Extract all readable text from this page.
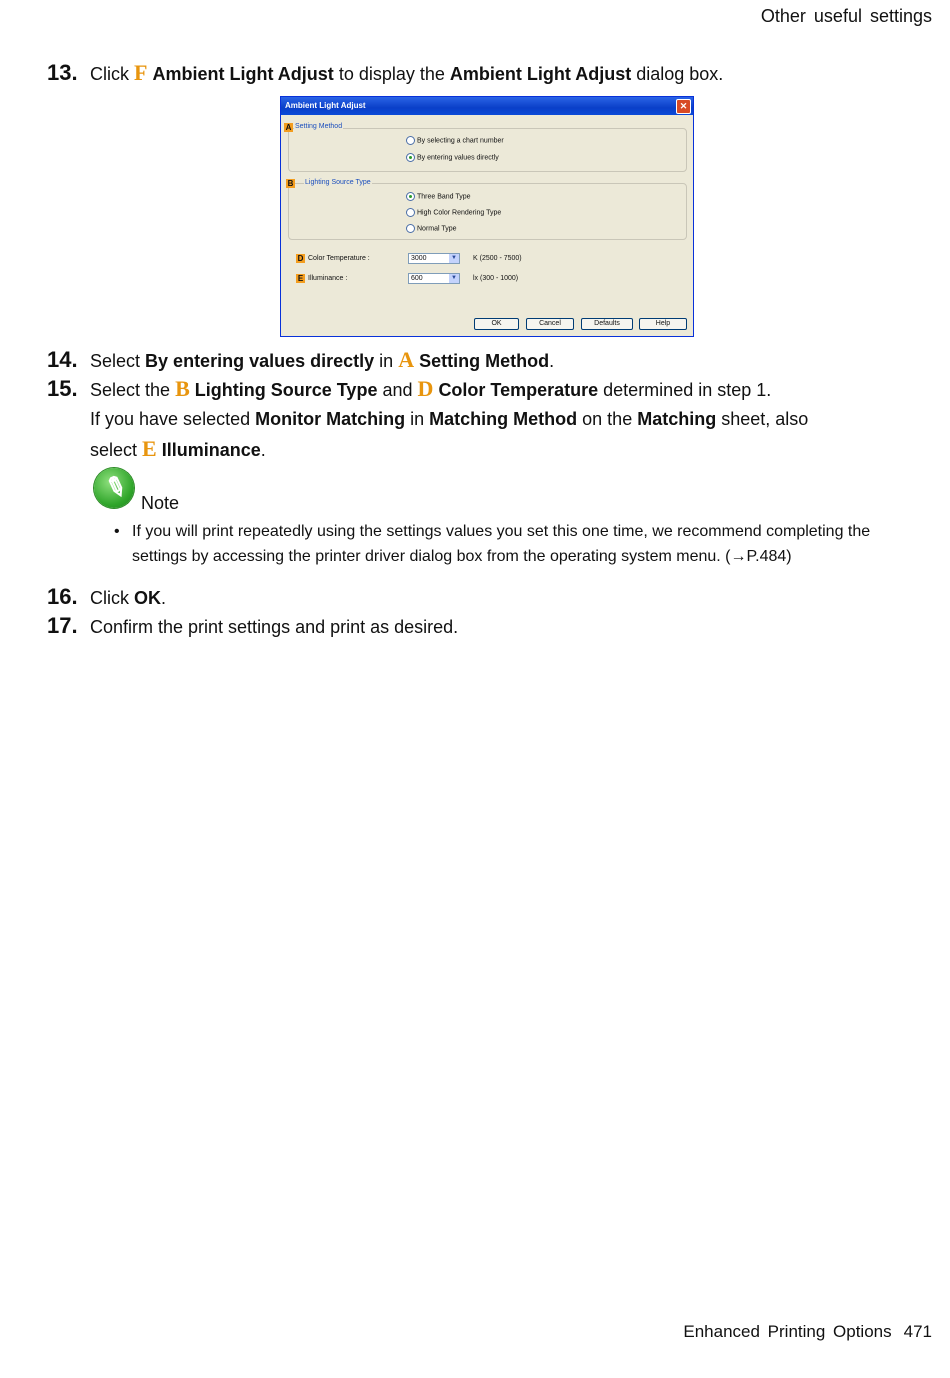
Other useful settings
13. Click F Ambient Light Adjust to display the Ambient Light Adjust dialog box.
Ambient Light Adjust	✕
A Setting Method
By selecting a chart number
By entering values directly
B Lighting Source Type
Three Band Type
High Color Rendering Type
Normal Type
D Color Temperature :	3000	▼ K (2500 - 7500)
E Illuminance :	600	▼ lx (300 - 1000)
OK	Cancel	Defaults	Help
14. Select By entering values directly in A Setting Method.
15. Select the B Lighting Source Type and D Color Temperature determined in step 1.
If you have selected Monitor Matching in Matching Method on the Matching sheet, also
select E Illuminance.
✎ Note
• If you will print repeatedly using the settings values you set this one time, we recommend completing the settings by accessing the printer driver dialog box from the operating system menu. (→P.484)
16. Click OK.
17. Confirm the print settings and print as desired.
Enhanced Printing Options 471
